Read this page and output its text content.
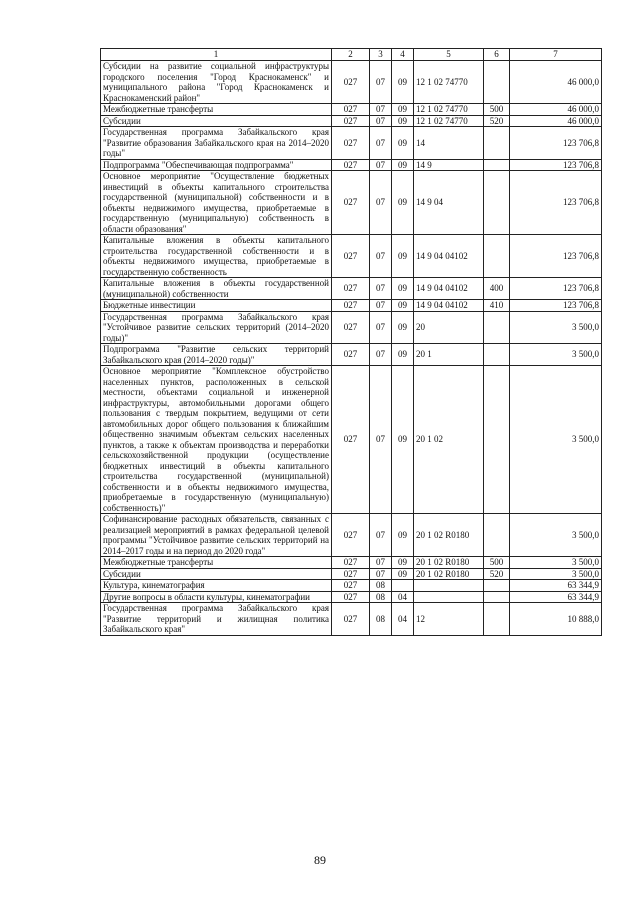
1	2	3	4	5	6	7
Субсидии на развитие социальной инфраструктуры городского поселения "Город Краснокаменск" и муниципального района "Город Краснокаменск и Краснокаменский район"	027	07	09	12 1 02 74770		46 000,0
Межбюджетные трансферты	027	07	09	12 1 02 74770	500	46 000,0
Субсидии	027	07	09	12 1 02 74770	520	46 000,0
Государственная программа Забайкальского края "Развитие образования Забайкальского края на 2014–2020 годы"	027	07	09	14		123 706,8
Подпрограмма "Обеспечивающая подпрограмма"	027	07	09	14 9		123 706,8
Основное мероприятие "Осуществление бюджетных инвестиций в объекты капитального строительства государственной (муниципальной) собственности и в объекты недвижимого имущества, приобретаемые в государственную (муниципальную) собственность в области образования"	027	07	09	14 9 04		123 706,8
Капитальные вложения в объекты капитального строительства государственной собственности и в объекты недвижимого имущества, приобретаемые в государственную собственность	027	07	09	14 9 04 04102		123 706,8
Капитальные вложения в объекты государственной (муниципальной) собственности	027	07	09	14 9 04 04102	400	123 706,8
Бюджетные инвестиции	027	07	09	14 9 04 04102	410	123 706,8
Государственная программа Забайкальского края "Устойчивое развитие сельских территорий (2014–2020 годы)"	027	07	09	20		3 500,0
Подпрограмма "Развитие сельских территорий Забайкальского края (2014–2020 годы)"	027	07	09	20 1		3 500,0
Основное мероприятие "Комплексное обустройство населенных пунктов, расположенных в сельской местности, объектами социальной и инженерной инфраструктуры, автомобильными дорогами общего пользования с твердым покрытием, ведущими от сети автомобильных дорог общего пользования к ближайшим общественно значимым объектам сельских населенных пунктов, а также к объектам производства и переработки сельскохозяйственной продукции (осуществление бюджетных инвестиций в объекты капитального строительства государственной (муниципальной) собственности и в объекты недвижимого имущества, приобретаемые в государственную (муниципальную) собственность)"	027	07	09	20 1 02		3 500,0
Софинансирование расходных обязательств, связанных с реализацией мероприятий в рамках федеральной целевой программы "Устойчивое развитие сельских территорий на 2014–2017 годы и на период до 2020 года"	027	07	09	20 1 02 R0180		3 500,0
Межбюджетные трансферты	027	07	09	20 1 02 R0180	500	3 500,0
Субсидии	027	07	09	20 1 02 R0180	520	3 500,0
Культура, кинематография	027	08				63 344,9
Другие вопросы в области культуры, кинематографии	027	08	04			63 344,9
Государственная программа Забайкальского края "Развитие территорий и жилищная политика Забайкальского края"	027	08	04	12		10 888,0
89
